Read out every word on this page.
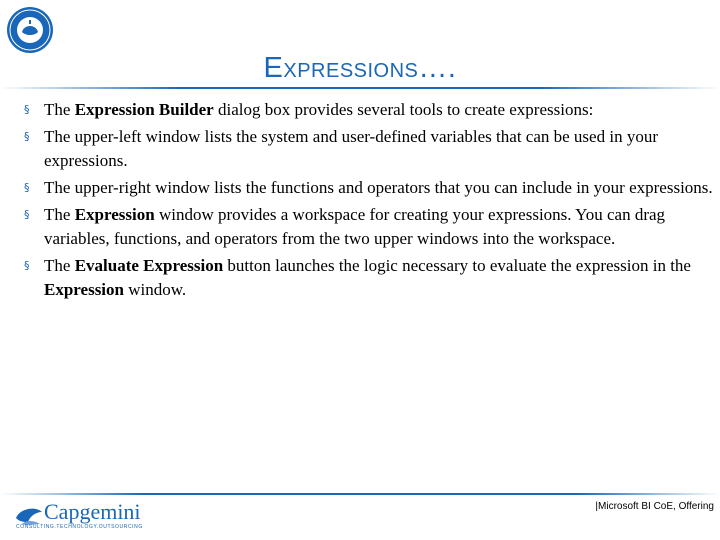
Expressions….
§ The Expression Builder dialog box provides several tools to create expressions:
§ The upper-left window lists the system and user-defined variables that can be used in your expressions.
§ The upper-right window lists the functions and operators that you can include in your expressions.
§ The Expression window provides a workspace for creating your expressions. You can drag variables, functions, and operators from the two upper windows into the workspace.
§ The Evaluate Expression button launches the logic necessary to evaluate the expression in the Expression window.
Capgemini
CONSULTING.TECHNOLOGY.OUTSOURCING
|Microsoft BI CoE, Offering
